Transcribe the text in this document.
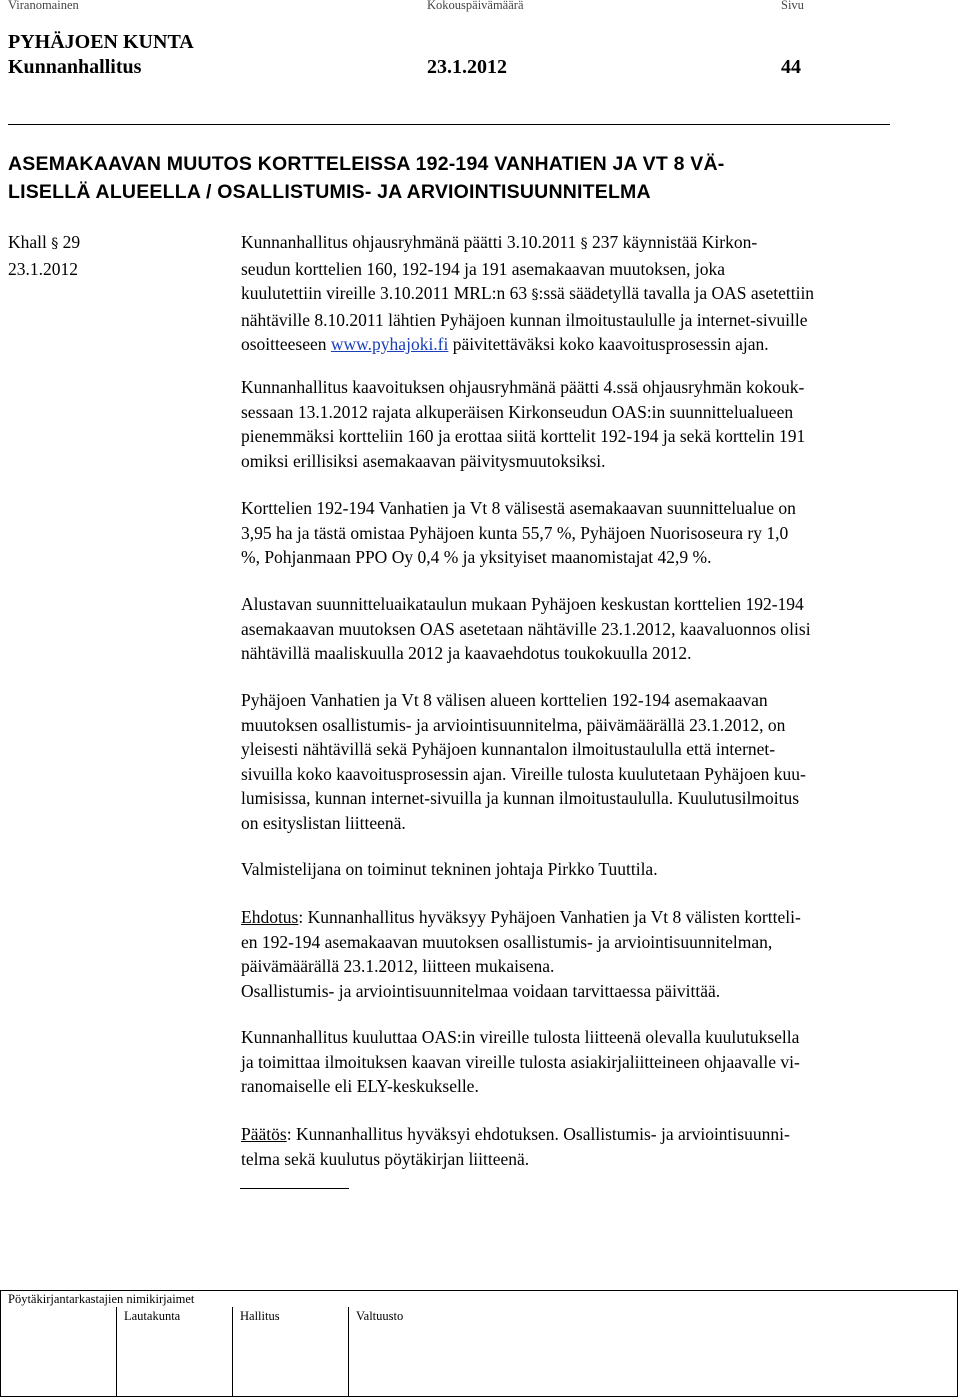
Viranomainen	Kokouspäivämäärä	Sivu
PYHÄJOEN KUNTA
Kunnanhallitus	23.1.2012	44
ASEMAKAAVAN MUUTOS KORTTELEISSA 192-194 VANHATIEN JA VT 8 VÄ-
LISELLÄ ALUEELLA / OSALLISTUMIS- JA ARVIOINTISUUNNITELMA
Khall § 29
23.1.2012
Kunnanhallitus ohjausryhmänä päätti 3.10.2011 § 237 käynnistää Kirkon-
seudun korttelien 160, 192-194 ja 191 asemakaavan muutoksen, joka
kuulutettiin vireille 3.10.2011 MRL:n 63 §:ssä säädetyllä tavalla ja OAS asetettiin
nähtäville 8.10.2011 lähtien Pyhäjoen kunnan ilmoitustaululle ja internet-sivuille
osoitteeseen www.pyhajoki.fi päivitettäväksi koko kaavoitusprosessin ajan.
Kunnanhallitus kaavoituksen ohjausryhmänä päätti 4.ssä ohjausryhmän kokouk-
sessaan 13.1.2012 rajata alkuperäisen Kirkonseudun OAS:in suunnittelualueen
pienemmäksi kortteliin 160 ja erottaa siitä korttelit 192-194 ja sekä korttelin 191
omiksi erillisiksi asemakaavan päivitysmuutoksiksi.
Korttelien 192-194 Vanhatien ja Vt 8 välisestä asemakaavan suunnittelualue on
3,95 ha ja tästä omistaa Pyhäjoen kunta 55,7 %, Pyhäjoen Nuorisoseura ry 1,0
%, Pohjanmaan PPO Oy 0,4 % ja yksityiset maanomistajat 42,9 %.
Alustavan suunnitteluaikataulun mukaan Pyhäjoen keskustan korttelien 192-194
asemakaavan muutoksen OAS asetetaan nähtäville 23.1.2012, kaavaluonnos olisi
nähtävillä maaliskuulla 2012 ja kaavaehdotus toukokuulla 2012.
Pyhäjoen Vanhatien ja Vt 8 välisen alueen korttelien 192-194 asemakaavan
muutoksen osallistumis- ja arviointisuunnitelma, päivämäärällä 23.1.2012, on
yleisesti nähtävillä sekä Pyhäjoen kunnantalon ilmoitustaululla että internet-
sivuilla koko kaavoitusprosessin ajan. Vireille tulosta kuulutetaan Pyhäjoen kuu-
lumisissa, kunnan internet-sivuilla ja kunnan ilmoitustaululla. Kuulutusilmoitus
on esityslistan liitteenä.
Valmistelijana on toiminut tekninen johtaja Pirkko Tuuttila.
Ehdotus: Kunnanhallitus hyväksyy Pyhäjoen Vanhatien ja Vt 8 välisten kortteli-
en 192-194 asemakaavan muutoksen osallistumis- ja arviointisuunnitelman,
päivämäärällä 23.1.2012, liitteen mukaisena.
Osallistumis- ja arviointisuunnitelmaa voidaan tarvittaessa päivittää.
Kunnanhallitus kuuluttaa OAS:in vireille tulosta liitteenä olevalla kuulutuksella
ja toimittaa ilmoituksen kaavan vireille tulosta asiakirjaliitteineen ohjaavalle vi-
ranomaiselle eli ELY-keskukselle.
Päätös: Kunnanhallitus hyväksyi ehdotuksen. Osallistumis- ja arviointisuunni-
telma sekä kuulutus pöytäkirjan liitteenä.
Pöytäkirjantarkastajien nimikirjaimet
Lautakunta	Hallitus	Valtuusto
